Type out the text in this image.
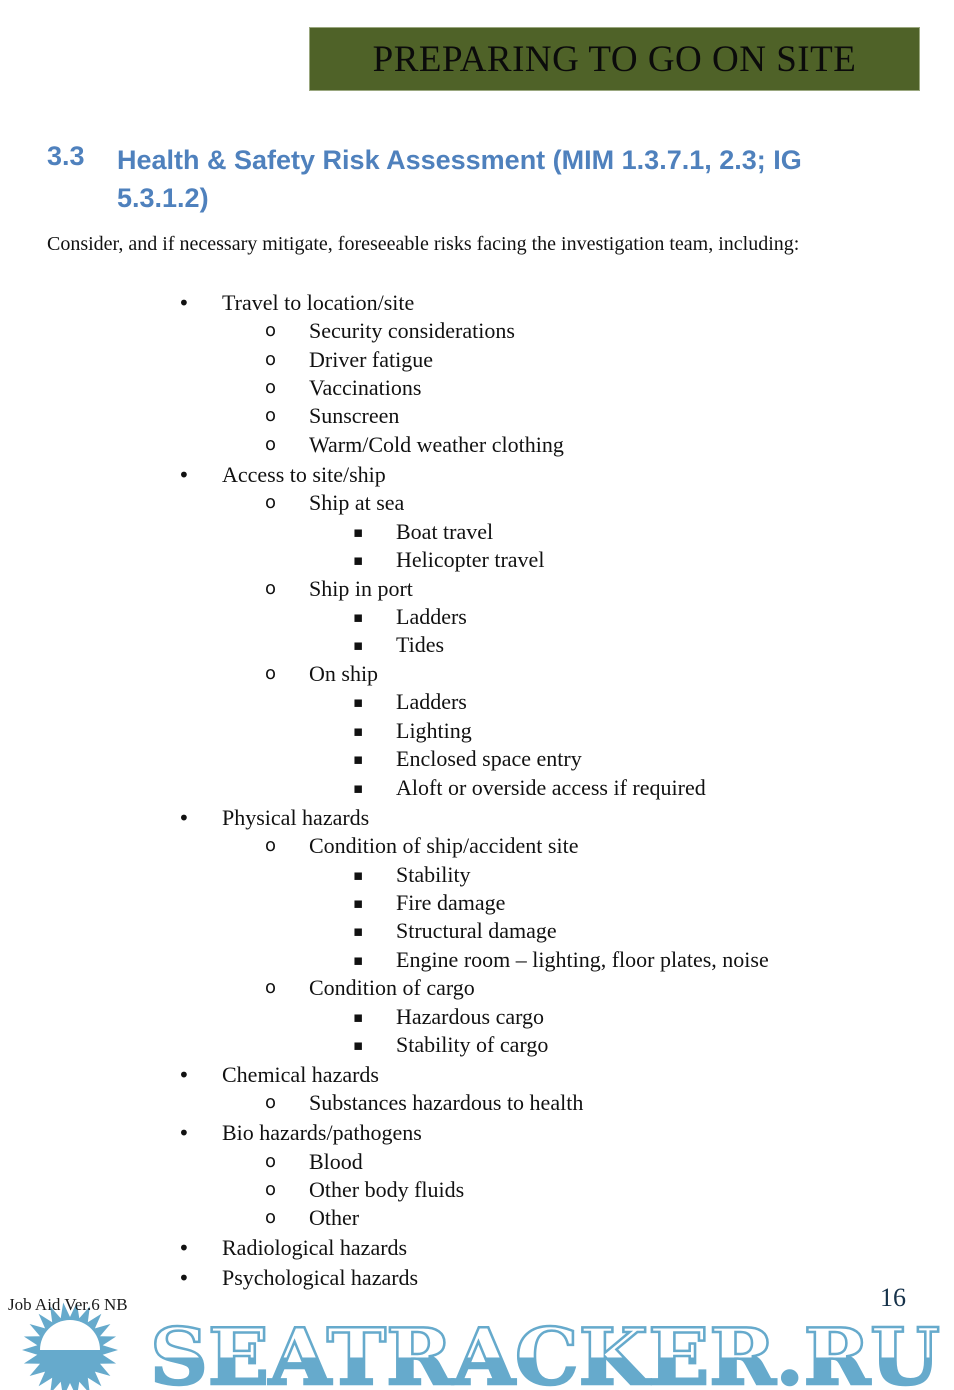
PREPARING TO GO ON SITE
3.3 Health & Safety Risk Assessment (MIM 1.3.7.1, 2.3; IG 5.3.1.2)
Consider, and if necessary mitigate, foreseeable risks facing the investigation team, including:
• Travel to location/site
o Security considerations
o Driver fatigue
o Vaccinations
o Sunscreen
o Warm/Cold weather clothing
• Access to site/ship
o Ship at sea
▪ Boat travel
▪ Helicopter travel
o Ship in port
▪ Ladders
▪ Tides
o On ship
▪ Ladders
▪ Lighting
▪ Enclosed space entry
▪ Aloft or overside access if required
• Physical hazards
o Condition of ship/accident site
▪ Stability
▪ Fire damage
▪ Structural damage
▪ Engine room – lighting, floor plates, noise
o Condition of cargo
▪ Hazardous cargo
▪ Stability of cargo
• Chemical hazards
o Substances hazardous to health
• Bio hazards/pathogens
o Blood
o Other body fluids
o Other
• Radiological hazards
• Psychological hazards
SEATRACKER.RU
Job Aid Ver.6 NB	16
